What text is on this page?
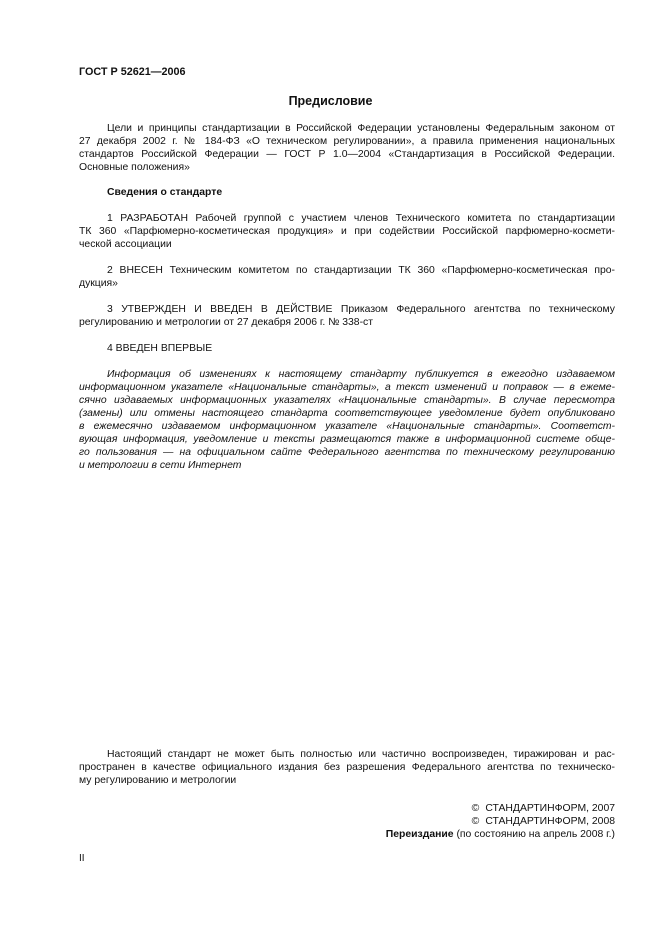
ГОСТ Р 52621—2006
Предисловие
Цели и принципы стандартизации в Российской Федерации установлены Федеральным законом от
27 декабря 2002 г. № 184-ФЗ «О техническом регулировании», а правила применения национальных
стандартов Российской Федерации — ГОСТ Р 1.0—2004 «Стандартизация в Российской Федерации.
Основные положения»
Сведения о стандарте
1 РАЗРАБОТАН Рабочей группой с участием членов Технического комитета по стандартизации
ТК 360 «Парфюмерно-косметическая продукция» и при содействии Российской парфюмерно-космети-
ческой ассоциации
2 ВНЕСЕН Техническим комитетом по стандартизации ТК 360 «Парфюмерно-косметическая про-
дукция»
3 УТВЕРЖДЕН И ВВЕДЕН В ДЕЙСТВИЕ Приказом Федерального агентства по техническому
регулированию и метрологии от 27 декабря 2006 г. № 338-ст
4 ВВЕДЕН ВПЕРВЫЕ
Информация об изменениях к настоящему стандарту публикуется в ежегодно издаваемом
информационном указателе «Национальные стандарты», а текст изменений и поправок — в ежеме-
сячно издаваемых информационных указателях «Национальные стандарты». В случае пересмотра
(замены) или отмены настоящего стандарта соответствующее уведомление будет опубликовано
в ежемесячно издаваемом информационном указателе «Национальные стандарты». Соответст-
вующая информация, уведомление и тексты размещаются также в информационной системе обще-
го пользования — на официальном сайте Федерального агентства по техническому регулированию
и метрологии в сети Интернет
Настоящий стандарт не может быть полностью или частично воспроизведен, тиражирован и рас-
пространен в качестве официального издания без разрешения Федерального агентства по техническо-
му регулированию и метрологии
© СТАНДАРТИНФОРМ, 2007
© СТАНДАРТИНФОРМ, 2008
Переиздание (по состоянию на апрель 2008 г.)
II
